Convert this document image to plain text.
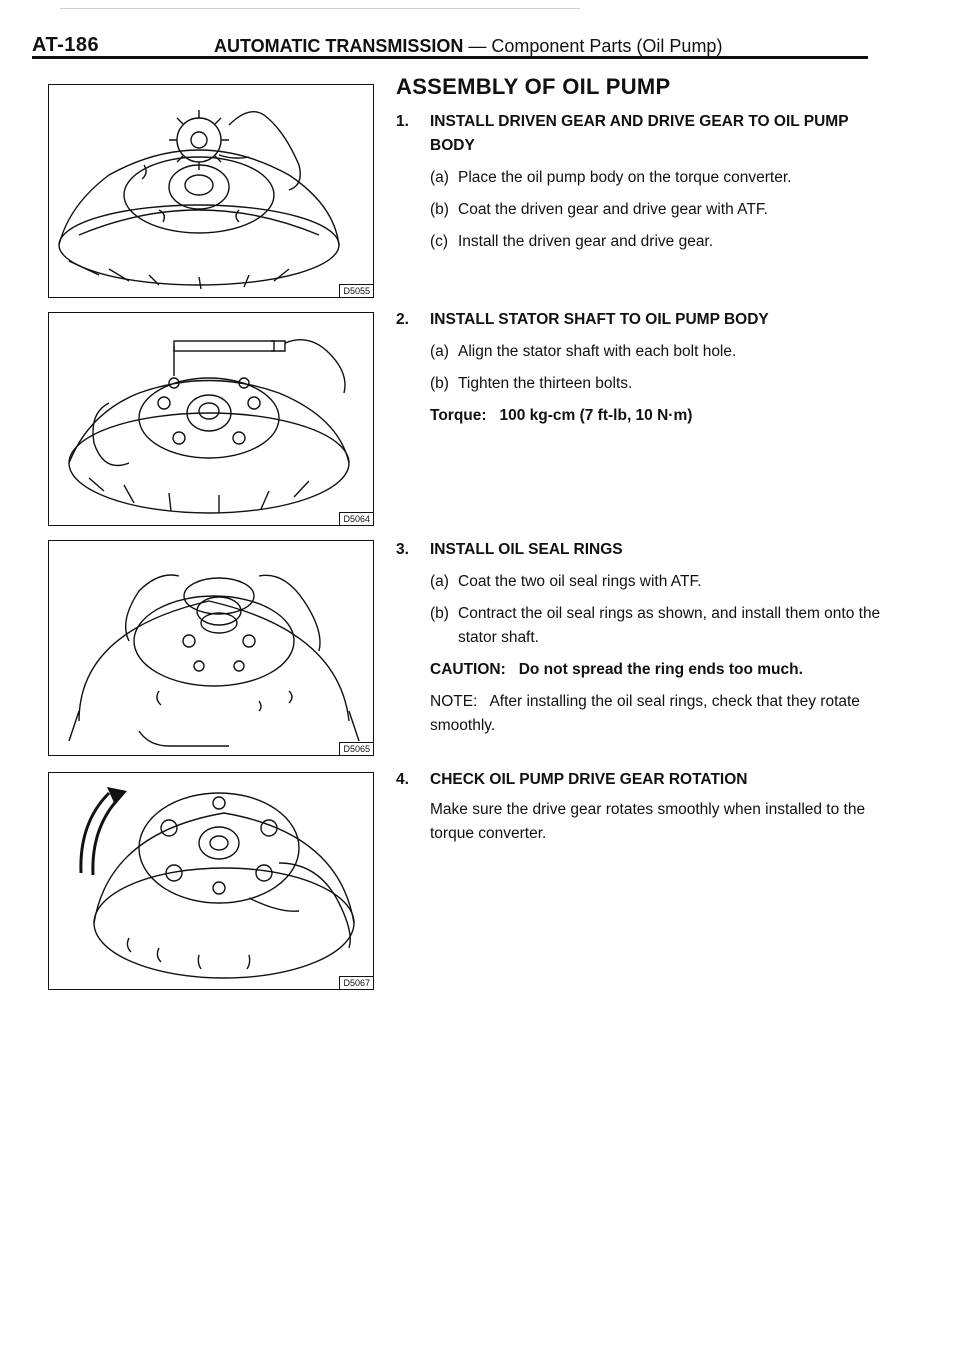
AT-186	AUTOMATIC TRANSMISSION — Component Parts (Oil Pump)
D5055
D5064
D5065
D5067
ASSEMBLY OF OIL PUMP
1.	INSTALL DRIVEN GEAR AND DRIVE GEAR TO OIL PUMP BODY
(a) Place the oil pump body on the torque converter.
(b) Coat the driven gear and drive gear with ATF.
(c) Install the driven gear and drive gear.
2.	INSTALL STATOR SHAFT TO OIL PUMP BODY
(a) Align the stator shaft with each bolt hole.
(b) Tighten the thirteen bolts.
Torque: 100 kg-cm (7 ft-lb, 10 N·m)
3.	INSTALL OIL SEAL RINGS
(a) Coat the two oil seal rings with ATF.
(b) Contract the oil seal rings as shown, and install them onto the stator shaft.
CAUTION: Do not spread the ring ends too much.
NOTE: After installing the oil seal rings, check that they rotate smoothly.
4.	CHECK OIL PUMP DRIVE GEAR ROTATION
Make sure the drive gear rotates smoothly when installed to the torque converter.
